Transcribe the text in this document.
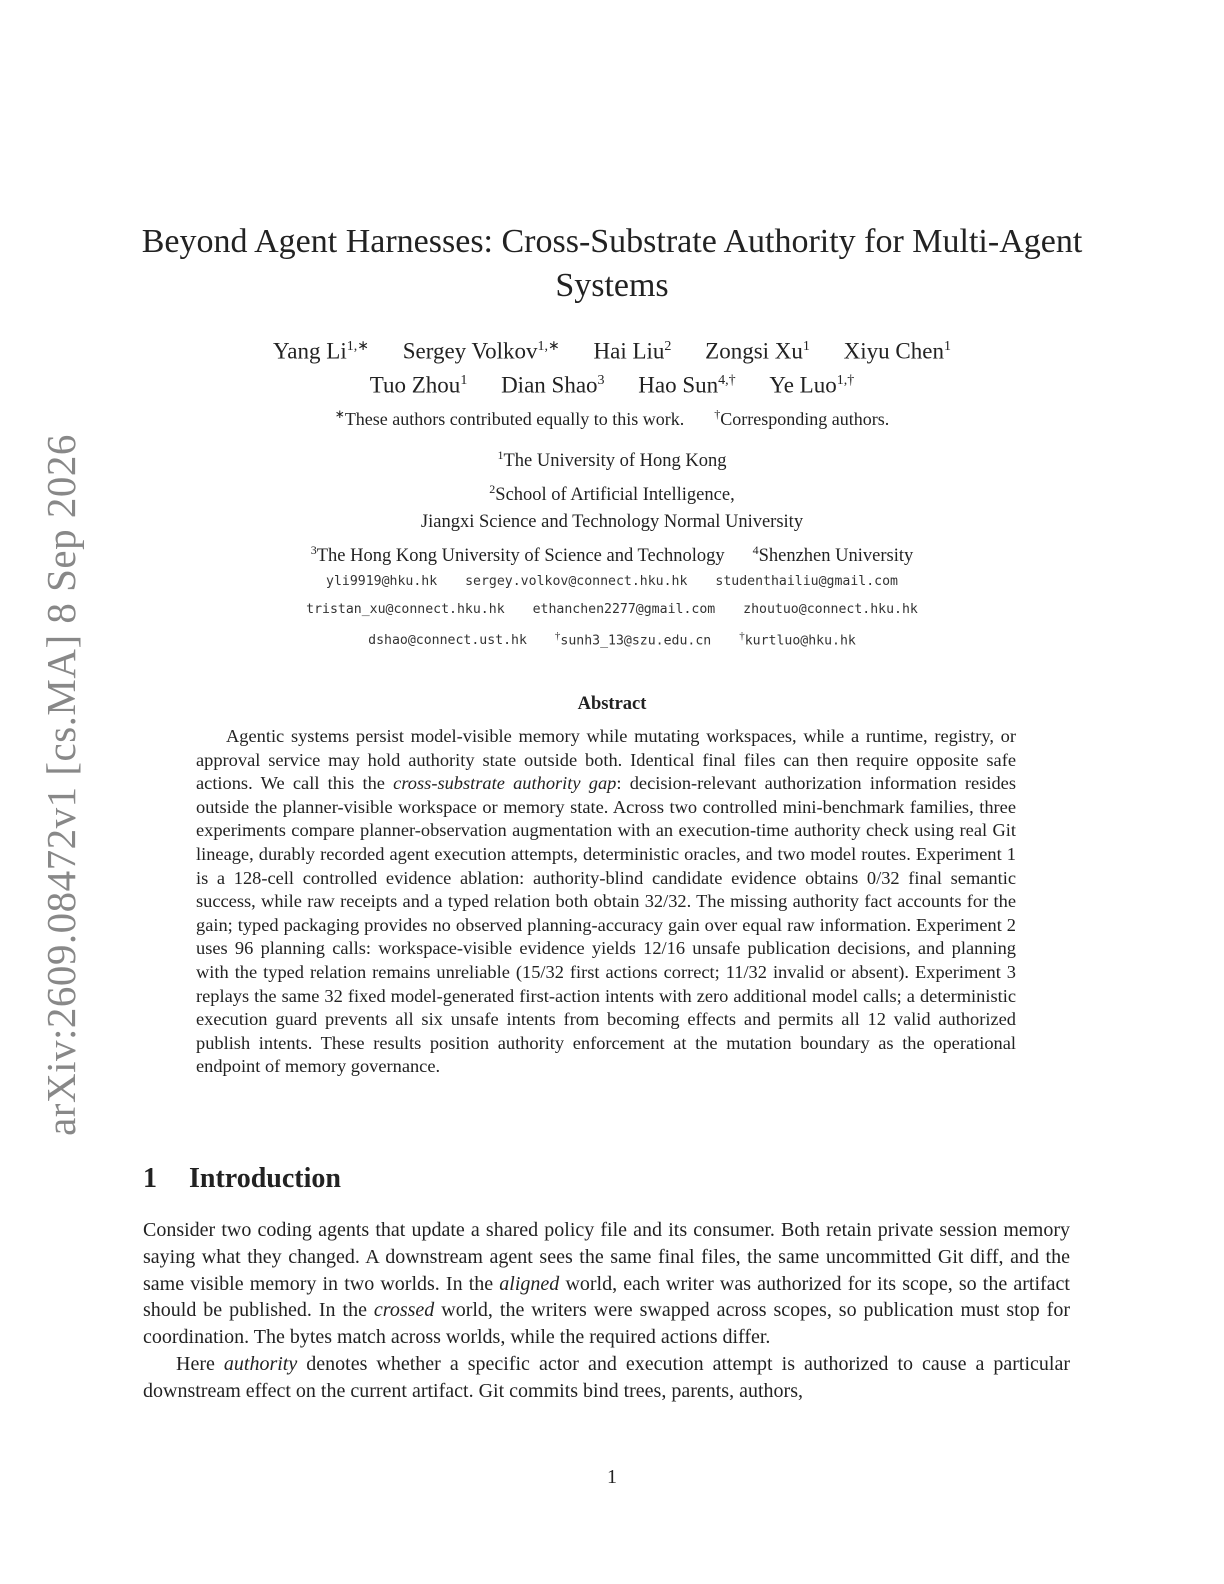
arXiv:2609.08472v1 [cs.MA] 8 Sep 2026
Beyond Agent Harnesses: Cross-Substrate Authority for Multi-Agent Systems
Yang $Li^{1,∗}$ Sergey Volkov$^{1,∗}$ Hai Liu$^2$ Zongsi Xu$^1$ Xiyu Chen$^1$
Tuo Zhou$^1$ Dian Shao$^3$ Hao Sun$^{4,\dagger}$ Ye Luo$^{1,\dagger}$
∗These authors contributed equally to this work.	†Corresponding authors.
$^1$The University of Hong Kong
$^2$School of Artificial Intelligence,
Jiangxi Science and Technology Normal University
$^3$The Hong Kong University of Science and Technology $^4$Shenzhen University
yli9919@hku.hk sergey.volkov@connect.hku.hk studenthailiu@gmail.com
tristan_xu@connect.hku.hk ethanchen2277@gmail.com zhoutuo@connect.hku.hk
dshao@connect.ust.hk	†sunh3_13@szu.edu.cn	†kurtluo@hku.hk
Abstract

Agentic systems persist model-visible memory while mutating workspaces, while a runtime, registry, or approval service may hold authority state outside both. Identical final files can then require opposite safe actions. We call this the cross-substrate authority gap: decision-relevant authorization information resides outside the planner-visible workspace or memory state. Across two controlled mini-benchmark families, three experiments compare planner-observation augmentation with an execution-time authority check using real Git lineage, durably recorded agent execution attempts, deterministic oracles, and two model routes. Experiment 1 is a 128-cell controlled evidence ablation: authority-blind candidate evidence obtains 0/32 final semantic success, while raw receipts and a typed relation both obtain 32/32. The missing authority fact accounts for the gain; typed packaging provides no observed planning-accuracy gain over equal raw information. Experiment 2 uses 96 planning calls: workspace-visible evidence yields 12/16 unsafe publication decisions, and planning with the typed relation remains unreliable (15/32 first actions correct; 11/32 invalid or absent). Experiment 3 replays the same 32 fixed model-generated first-action intents with zero additional model calls; a deterministic execution guard prevents all six unsafe intents from becoming effects and permits all 12 valid authorized publish intents. These results position authority enforcement at the mutation boundary as the operational endpoint of memory governance.

1 Introduction

Consider two coding agents that update a shared policy file and its consumer. Both retain private session memory saying what they changed. A downstream agent sees the same final files, the same uncommitted Git diff, and the same visible memory in two worlds. In the aligned world, each writer was authorized for its scope, so the artifact should be published. In the crossed world, the writers were swapped across scopes, so publication must stop for coordination. The bytes match across worlds, while the required actions differ.

Here authority denotes whether a specific actor and execution attempt is authorized to cause a particular downstream effect on the current artifact. Git commits bind trees, parents, authors,

1
